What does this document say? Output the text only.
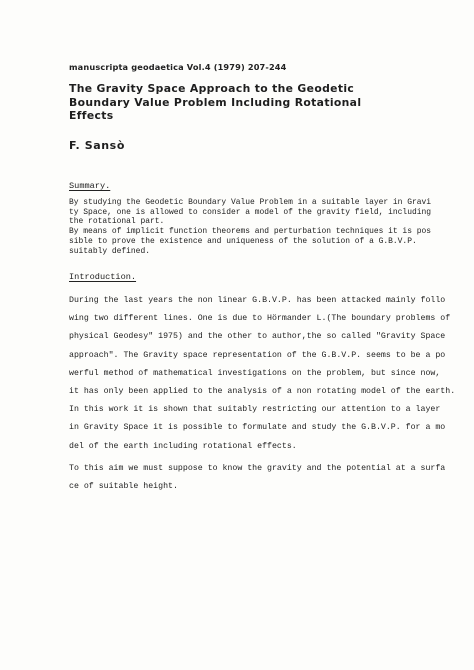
manuscripta geodaetica Vol.4 (1979) 207-244
The Gravity Space Approach to the Geodetic
Boundary Value Problem Including Rotational
Effects
F. Sansò
Summary.
By studying the Geodetic Boundary Value Problem in a suitable layer in Gravi
ty Space, one is allowed to consider a model of the gravity field, including
the rotational part.
By means of implicit function theorems and perturbation techniques it is pos
sible to prove the existence and uniqueness of the solution of a G.B.V.P.
suitably defined.
Introduction.
During the last years the non linear G.B.V.P. has been attacked mainly follo
wing two different lines. One is due to Hörmander L.(The boundary problems of
physical Geodesy" 1975) and the other to author,the so called "Gravity Space
approach". The Gravity space representation of the G.B.V.P. seems to be a po
werful method of mathematical investigations on the problem, but since now,
it has only been applied to the analysis of a non rotating model of the earth.
In this work it is shown that suitably restricting our attention to a layer
in Gravity Space it is possible to formulate and study the G.B.V.P. for a mo
del of the earth including rotational effects.
To this aim we must suppose to know the gravity and the potential at a surfa
ce of suitable height.
